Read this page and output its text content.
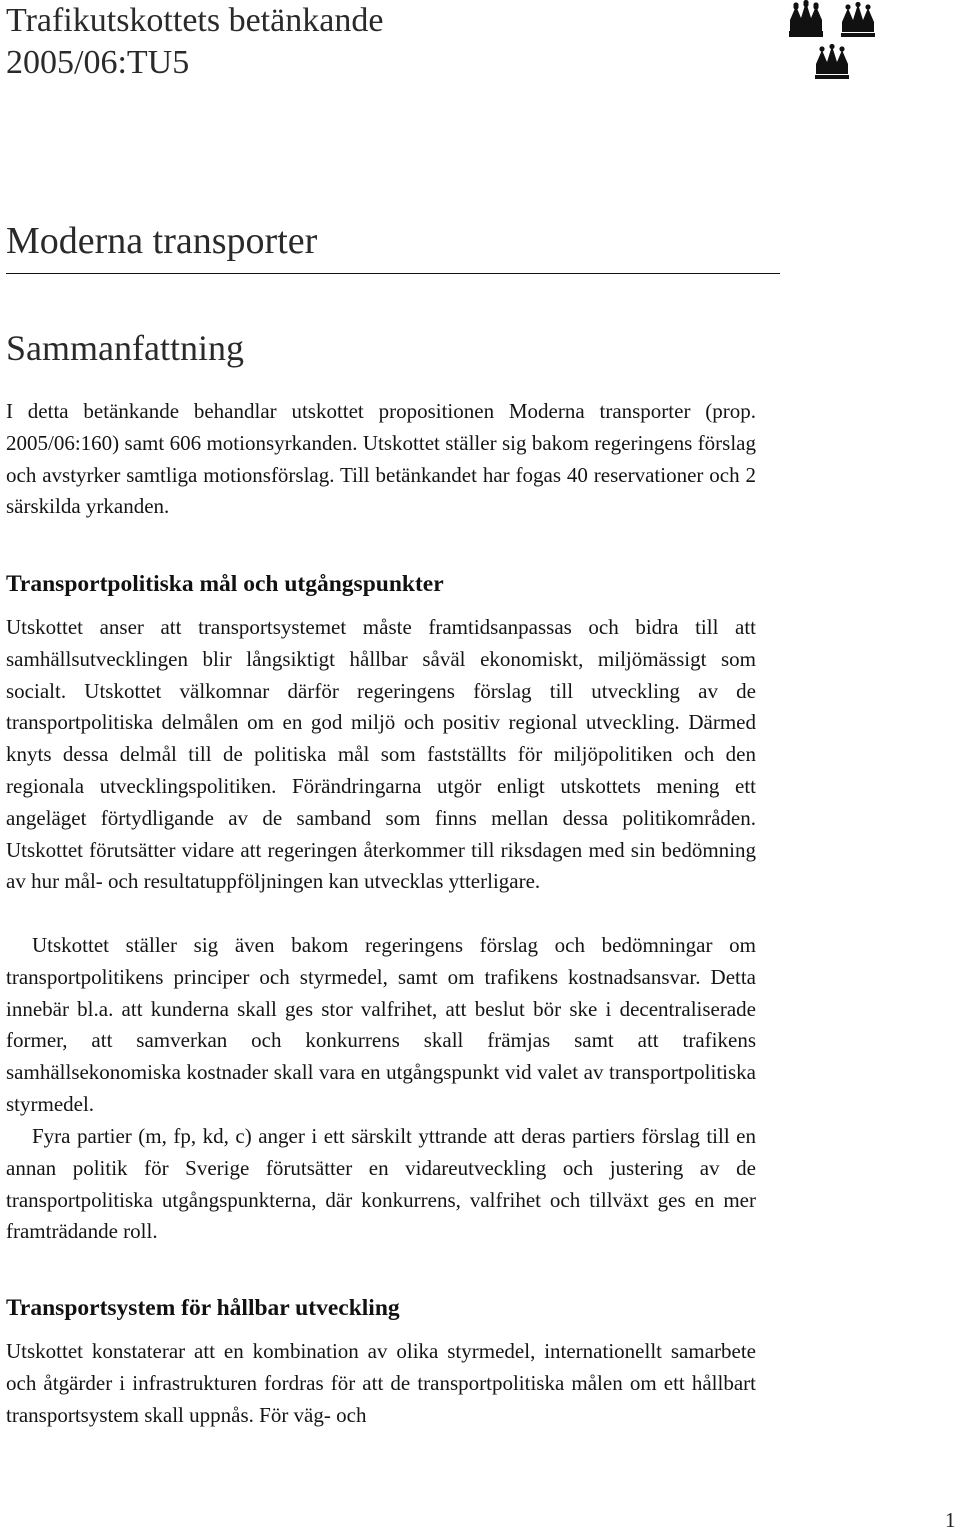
Trafikutskottets betänkande
2005/06:TU5
Moderna transporter
Sammanfattning

I detta betänkande behandlar utskottet propositionen Moderna transporter (prop. 2005/06:160) samt 606 motionsyrkanden. Utskottet ställer sig bakom regeringens förslag och avstyrker samtliga motionsförslag. Till betänkandet har fogas 40 reservationer och 2 särskilda yrkanden.

Transportpolitiska mål och utgångspunkter

Utskottet anser att transportsystemet måste framtidsanpassas och bidra till att samhällsutvecklingen blir långsiktigt hållbar såväl ekonomiskt, miljömässigt som socialt. Utskottet välkomnar därför regeringens förslag till utveckling av de transportpolitiska delmålen om en god miljö och positiv regional utveckling. Därmed knyts dessa delmål till de politiska mål som fastställts för miljöpolitiken och den regionala utvecklingspolitiken. Förändringarna utgör enligt utskottets mening ett angeläget förtydligande av de samband som finns mellan dessa politikområden. Utskottet förutsätter vidare att regeringen återkommer till riksdagen med sin bedömning av hur mål- och resultatuppföljningen kan utvecklas ytterligare.

Utskottet ställer sig även bakom regeringens förslag och bedömningar om transportpolitikens principer och styrmedel, samt om trafikens kostnadsansvar. Detta innebär bl.a. att kunderna skall ges stor valfrihet, att beslut bör ske i decentraliserade former, att samverkan och konkurrens skall främjas samt att trafikens samhällsekonomiska kostnader skall vara en utgångspunkt vid valet av transportpolitiska styrmedel.

Fyra partier (m, fp, kd, c) anger i ett särskilt yttrande att deras partiers förslag till en annan politik för Sverige förutsätter en vidareutveckling och justering av de transportpolitiska utgångspunkterna, där konkurrens, valfrihet och tillväxt ges en mer framträdande roll.

Transportsystem för hållbar utveckling

Utskottet konstaterar att en kombination av olika styrmedel, internationellt samarbete och åtgärder i infrastrukturen fordras för att de transportpolitiska målen om ett hållbart transportsystem skall uppnås. För väg- och

1
